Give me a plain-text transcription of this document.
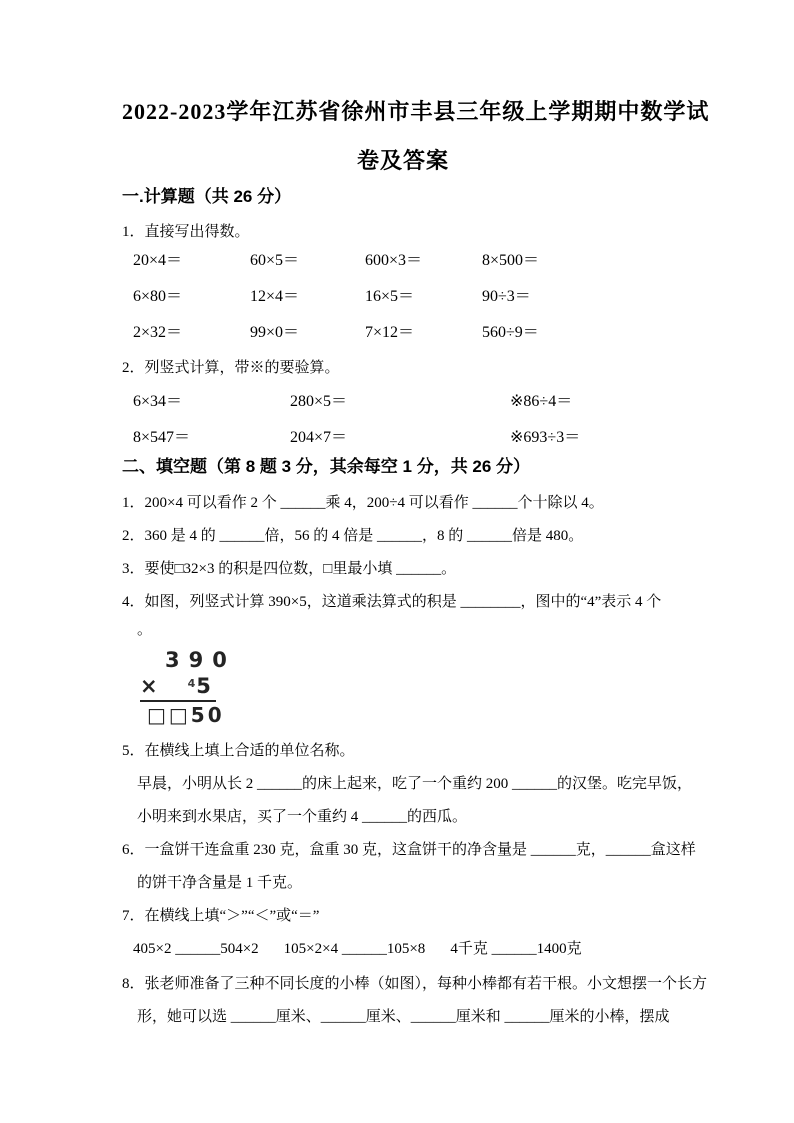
2022-2023学年江苏省徐州市丰县三年级上学期期中数学试
卷及答案
一.计算题（共 26 分）
1．直接写出得数。
20×4＝	60×5＝	600×3＝	8×500＝
6×80＝	12×4＝	16×5＝	90÷3＝
2×32＝	99×0＝	7×12＝	560÷9＝
2．列竖式计算，带※的要验算。
6×34＝	280×5＝	※86÷4＝
8×547＝	204×7＝	※693÷3＝
二、填空题（第 8 题 3 分，其余每空 1 分，共 26 分）
1．200×4 可以看作 2 个 ______乘 4，200÷4 可以看作 ______个十除以 4。
2．360 是 4 的 ______倍，56 的 4 倍是 ______，8 的 ______倍是 480。
3．要使□32×3 的积是四位数，□里最小填 ______。
4．如图，列竖式计算 390×5，这道乘法算式的积是 ________，图中的“4”表示 4 个
。
390
×	$^4$5
□□50
5．在横线上填上合适的单位名称。
早晨，小明从长 2 ______的床上起来，吃了一个重约 200 ______的汉堡。吃完早饭，
小明来到水果店，买了一个重约 4 ______的西瓜。
6．一盒饼干连盒重 230 克，盒重 30 克，这盒饼干的净含量是 ______克，______盒这样
的饼干净含量是 1 千克。
7．在横线上填“＞”“＜”或“＝”
405×2 ______504×2 105×2×4 ______105×8 4千克 ______1400克
8．张老师准备了三种不同长度的小棒（如图），每种小棒都有若干根。小文想摆一个长方
形，她可以选 ______厘米、______厘米、______厘米和 ______厘米的小棒，摆成
